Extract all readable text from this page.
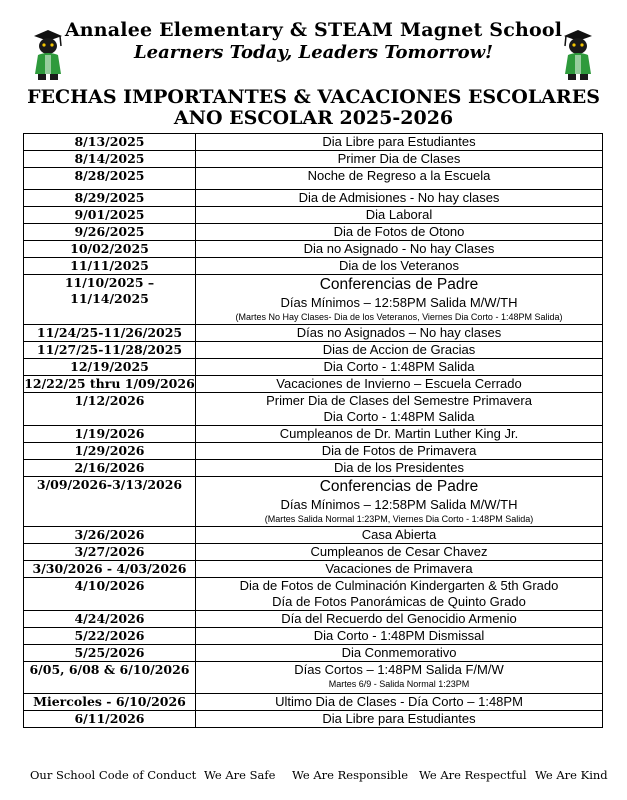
Annalee Elementary & STEAM Magnet School
Learners Today, Leaders Tomorrow!
FECHAS IMPORTANTES & VACACIONES ESCOLARES
ANO ESCOLAR 2025-2026
8/13/2025	Dia Libre para Estudiantes

8/14/2025	Primer Dia de Clases

8/28/2025	Noche de Regreso a la Escuela

8/29/2025	Dia de Admisiones - No hay clases

9/01/2025	Dia Laboral

9/26/2025	Dia de Fotos de Otono

10/02/2025	Dia no Asignado - No hay Clases

11/11/2025	Dia de los Veteranos

11/10/2025 – 11/14/2025	Conferencias de Padre
Días Mínimos – 12:58PM Salida M/W/TH
(Martes No Hay Clases- Dia de los Veteranos, Viernes Dia Corto - 1:48PM Salida)

11/24/25-11/26/2025	Días no Asignados – No hay clases

11/27/25-11/28/2025	Dias de Accion de Gracias

12/19/2025	Dia Corto - 1:48PM Salida

12/22/25 thru 1/09/2026	Vacaciones de Invierno – Escuela Cerrado

1/12/2026	Primer Dia de Clases del Semestre Primavera
Dia Corto - 1:48PM Salida

1/19/2026	Cumpleanos de Dr. Martin Luther King Jr.

1/29/2026	Dia de Fotos de Primavera

2/16/2026	Dia de los Presidentes

3/09/2026-3/13/2026	Conferencias de Padre
Días Mínimos – 12:58PM Salida M/W/TH
(Martes Salida Normal 1:23PM, Viernes Dia Corto - 1:48PM Salida)

3/26/2026	Casa Abierta

3/27/2026	Cumpleanos de Cesar Chavez

3/30/2026 - 4/03/2026	Vacaciones de Primavera

4/10/2026	Dia de Fotos de Culminación Kindergarten & 5th Grado
Día de Fotos Panorámicas de Quinto Grado

4/24/2026	Día del Recuerdo del Genocidio Armenio

5/22/2026	Dia Corto - 1:48PM Dismissal

5/25/2026	Dia Conmemorativo

6/05, 6/08 & 6/10/2026	Días Cortos – 1:48PM Salida F/M/W
Martes 6/9 - Salida Normal 1:23PM

Miercoles - 6/10/2026	Ultimo Dia de Clases - Día Corto – 1:48PM

6/11/2026	Dia Libre para Estudiantes
Our School Code of Conduct We Are Safe We Are Responsible We Are Respectful We Are Kind
